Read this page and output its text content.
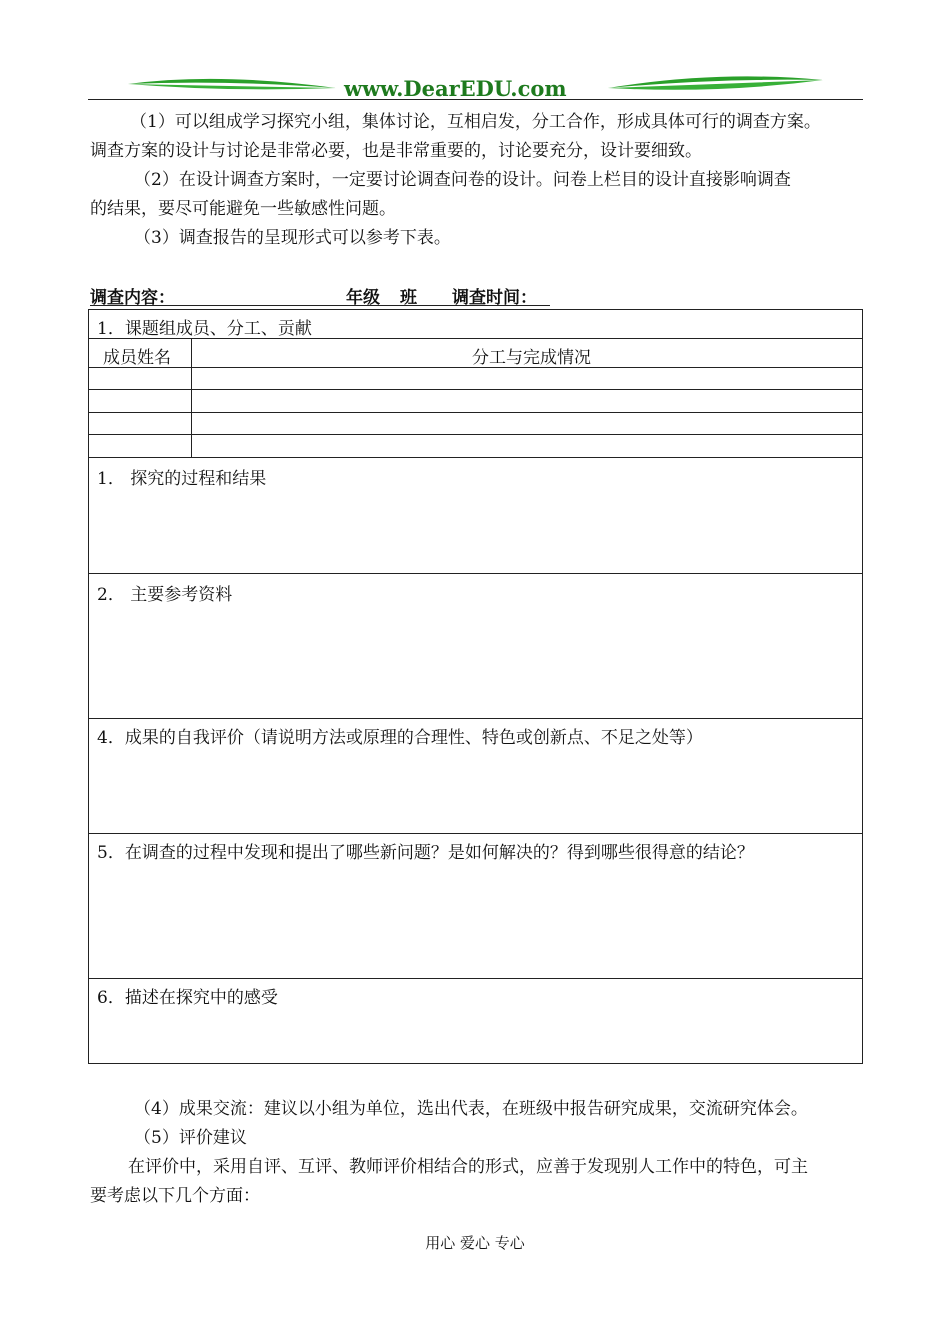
www.DearEDU.com
（1）可以组成学习探究小组，集体讨论，互相启发，分工合作，形成具体可行的调查方案。
调查方案的设计与讨论是非常必要，也是非常重要的，讨论要充分，设计要细致。
（2）在设计调查方案时，一定要讨论调查问卷的设计。问卷上栏目的设计直接影响调查
的结果，要尽可能避免一些敏感性问题。
（3）调查报告的呈现形式可以参考下表。
调查内容：	年级 班 调查时间：
1．课题组成员、分工、贡献
成员姓名	分工与完成情况
1． 探究的过程和结果
2． 主要参考资料
4．成果的自我评价（请说明方法或原理的合理性、特色或创新点、不足之处等）
5．在调查的过程中发现和提出了哪些新问题？是如何解决的？得到哪些很得意的结论？
6．描述在探究中的感受
（4）成果交流：建议以小组为单位，选出代表，在班级中报告研究成果，交流研究体会。
（5）评价建议
在评价中，采用自评、互评、教师评价相结合的形式，应善于发现别人工作中的特色，可主
要考虑以下几个方面：
用心 爱心 专心
